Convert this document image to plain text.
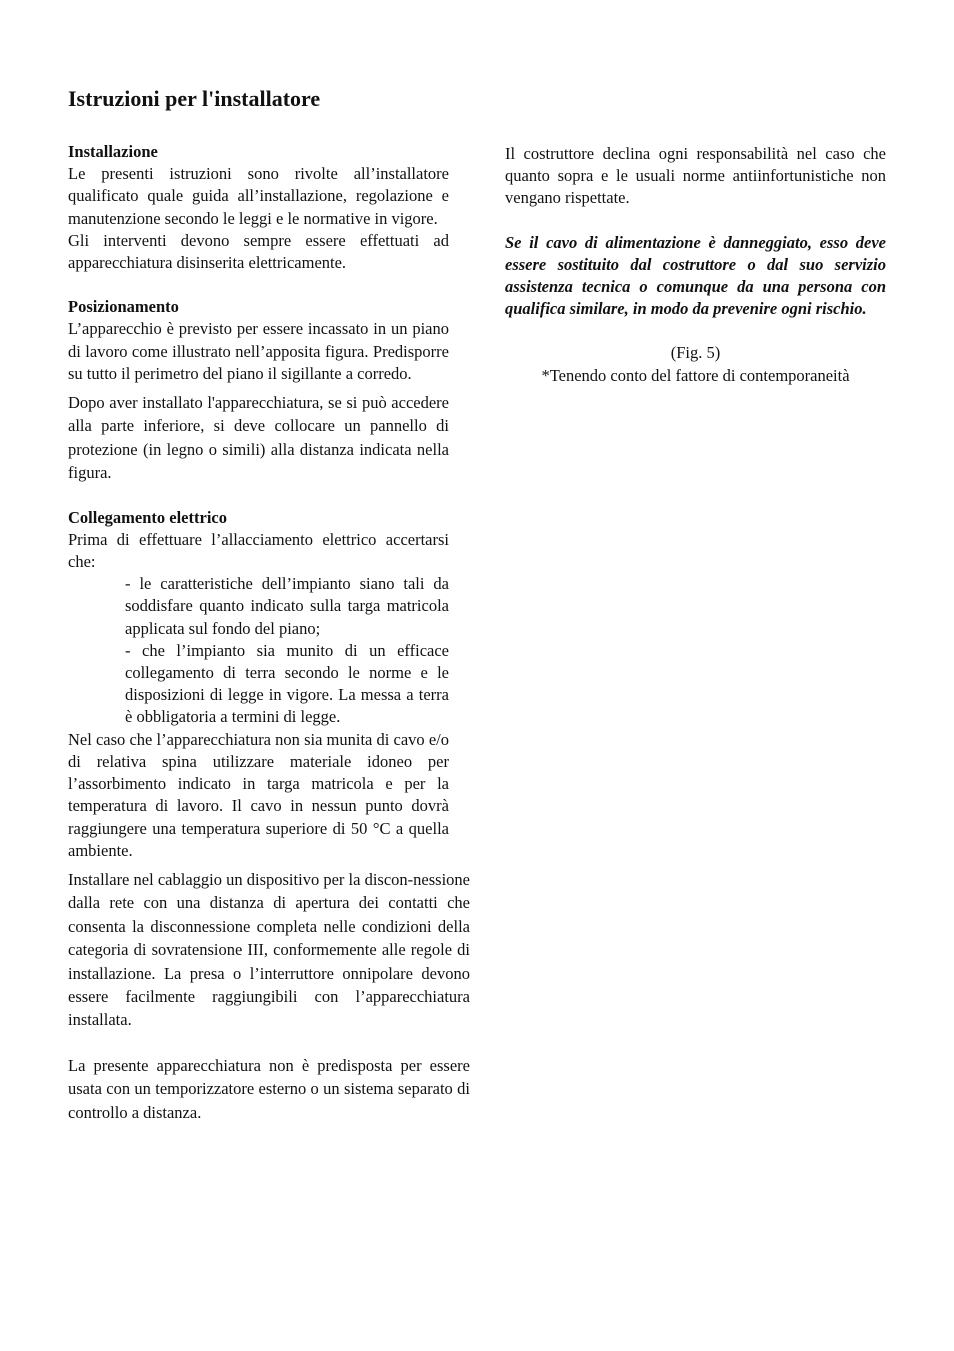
Istruzioni per l'installatore
Installazione

Le presenti istruzioni sono rivolte all’installatore qualificato quale guida all’installazione, regolazione e manutenzione secondo le leggi e le normative in vigore.

Gli interventi devono sempre essere effettuati ad apparecchiatura disinserita elettricamente.

Posizionamento

L’apparecchio è previsto per essere incassato in un piano di lavoro come illustrato nell’apposita figura. Predisporre su tutto il perimetro del piano il sigillante a corredo.

Dopo aver installato l'apparecchiatura, se si può accedere alla parte inferiore, si deve collocare un pannello di protezione (in legno o simili) alla distanza indicata nella figura.

Collegamento elettrico

Prima di effettuare l’allacciamento elettrico accertarsi che:

- le caratteristiche dell’impianto siano tali da soddisfare quanto indicato sulla targa matricola applicata sul fondo del piano;

- che l’impianto sia munito di un efficace collegamento di terra secondo le norme e le disposizioni di legge in vigore. La messa a terra è obbligatoria a termini di legge.

Nel caso che l’apparecchiatura non sia munita di cavo e/o di relativa spina utilizzare materiale idoneo per l’assorbimento indicato in targa matricola e per la temperatura di lavoro. Il cavo in nessun punto dovrà raggiungere una temperatura superiore di 50 °C a quella ambiente.

Installare nel cablaggio un dispositivo per la discon-nessione dalla rete con una distanza di apertura dei contatti che consenta la disconnessione completa nelle condizioni della categoria di sovratensione III, conformemente alle regole di installazione. La presa o l’interruttore onnipolare devono essere facilmente raggiungibili con l’apparecchiatura installata.

La presente apparecchiatura non è predisposta per essere usata con un temporizzatore esterno o un sistema separato di controllo a distanza.

Il costruttore declina ogni responsabilità nel caso che quanto sopra e le usuali norme antiinfortunistiche non vengano rispettate.

Se il cavo di alimentazione è danneggiato, esso deve essere sostituito dal costruttore o dal suo servizio assistenza tecnica o comunque da una persona con qualifica similare, in modo da prevenire ogni rischio.

(Fig. 5)

*Tenendo conto del fattore di contemporaneità
